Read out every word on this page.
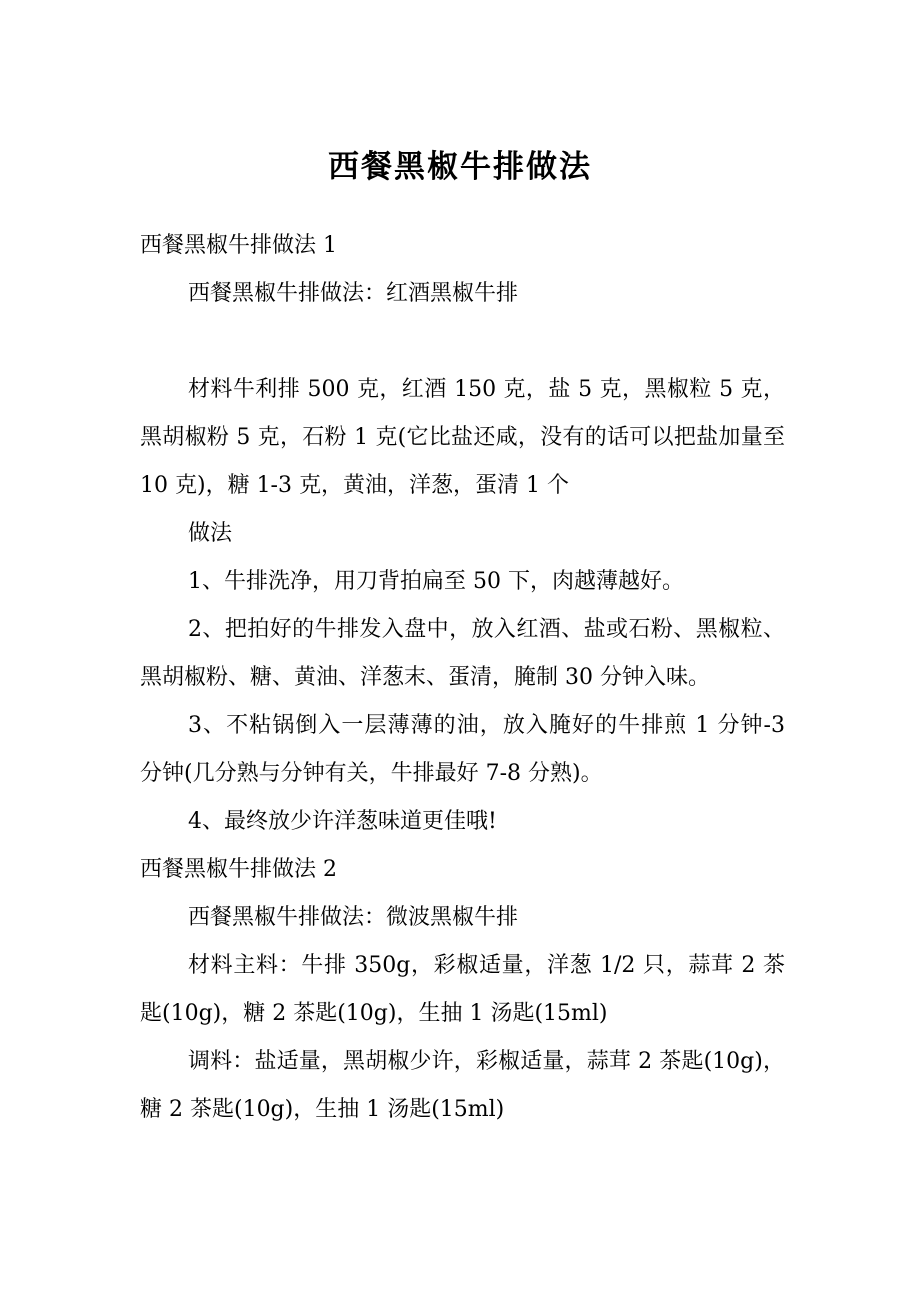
西餐黑椒牛排做法

西餐黑椒牛排做法 1

西餐黑椒牛排做法：红酒黑椒牛排

材料牛利排 500 克，红酒 150 克，盐 5 克，黑椒粒 5 克，黑胡椒粉 5 克，石粉 1 克(它比盐还咸，没有的话可以把盐加量至 10 克)，糖 1-3 克，黄油，洋葱，蛋清 1 个

做法

1、牛排洗净，用刀背拍扁至 50 下，肉越薄越好。

2、把拍好的牛排发入盘中，放入红酒、盐或石粉、黑椒粒、黑胡椒粉、糖、黄油、洋葱末、蛋清，腌制 30 分钟入味。

3、不粘锅倒入一层薄薄的油，放入腌好的牛排煎 1 分钟-3 分钟(几分熟与分钟有关，牛排最好 7-8 分熟)。

4、最终放少许洋葱味道更佳哦!

西餐黑椒牛排做法 2

西餐黑椒牛排做法：微波黑椒牛排

材料主料：牛排 350g，彩椒适量，洋葱 1/2 只，蒜茸 2 茶匙(10g)，糖 2 茶匙(10g)，生抽 1 汤匙(15ml)

调料：盐适量，黑胡椒少许，彩椒适量，蒜茸 2 茶匙(10g)，糖 2 茶匙(10g)，生抽 1 汤匙(15ml)
